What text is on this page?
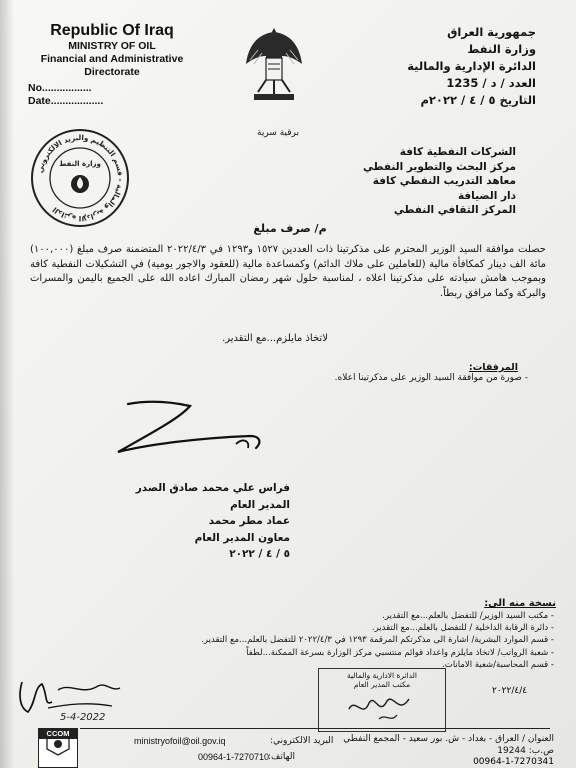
Republic Of Iraq
MINISTRY OF OIL
Financial and Administrative
Directorate
No.................
Date..................
جمهورية العراق
وزارة النفط
الدائرة الإدارية والمالية
العدد / د / 1235
التاريخ ٥ / ٤ / ٢٠٢٢م
الدائرة الإدارية والمالية - قسم التنظيم والبريد الالكتروني
وزارة النفط
برقية سرية
الشركات النفطية كافة
مركز البحث والتطوير النفطي
معاهد التدريب النفطي كافة
دار الضيافة
المركز الثقافي النفطي
م/ صرف مبلغ
حصلت موافقة السيد الوزير المحترم على مذكرتينا ذات العددين ١٥٢٧ و١٢٩٣ في ٢٠٢٢/٤/٣ المتضمنة صرف مبلغ (١٠٠,٠٠٠) مائة الف دينار كمكافأة مالية (للعاملين على ملاك الدائم) وكمساعدة مالية (للعقود والاجور يومية) في التشكيلات النفطية كافة وبموجب هامش سيادته على مذكرتينا اعلاه ، لمناسبة حلول شهر رمضان المبارك اعاده الله على الجميع باليمن والمسرات والبركة وكما مرافق ربطاً.
لاتخاذ مايلزم...مع التقدير.
المرفقات:
- صورة من موافقة السيد الوزير على مذكرتينا اعلاه.
فراس علي محمد صادق الصدر
المدير العام
عماد مطر محمد
معاون المدير العام
٥ / ٤ / ٢٠٢٢
نسخة منه الى:
- مكتب السيد الوزير/ للتفضل بالعلم...مع التقدير.
- دائرة الرقابة الداخلية / للتفضل بالعلم...مع التقدير.
- قسم الموارد البشرية/ اشارة الى مذكرتكم المرقمة ١٢٩٣ في ٢٠٢٢/٤/٣ للتفضل بالعلم...مع التقدير.
- شعبة الرواتب/ لاتخاذ مايلزم واعداد قوائم منتسبي مركز الوزارة بسرعة الممكنة...لطفاً
- قسم المحاسبة/شعبة الامانات.
٢٠٢٢/٤/٤
الدائرة الادارية والمالية
مكتب المدير العام
5-4-2022
CCOM
ministryofoil@oil.gov.iq	البريد الالكتروني:
00964-1-7270710
الهاتف:
العنوان / العراق - بغداد - ش. بور سعيد - المجمع النفطي
ص.ب: 19244
00964-1-7270341
